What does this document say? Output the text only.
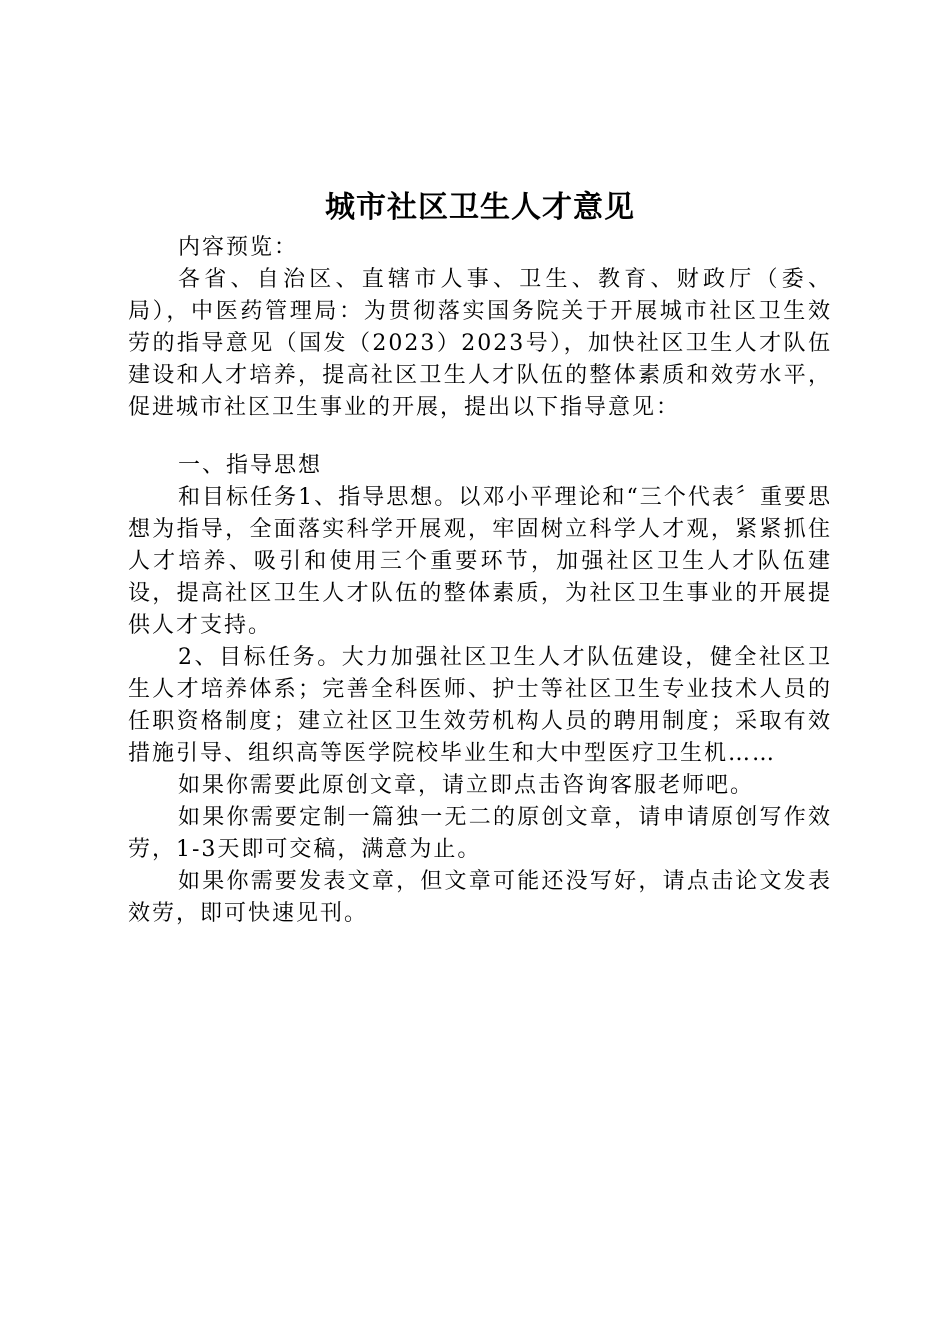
城市社区卫生人才意见

内容预览：

各省、自治区、直辖市人事、卫生、教育、财政厅（委、局），中医药管理局：为贯彻落实国务院关于开展城市社区卫生效劳的指导意见（国发（2023）2023号），加快社区卫生人才队伍建设和人才培养，提高社区卫生人才队伍的整体素质和效劳水平，促进城市社区卫生事业的开展，提出以下指导意见：

一、指导思想

和目标任务1、指导思想。以邓小平理论和“三个代表〞重要思想为指导，全面落实科学开展观，牢固树立科学人才观，紧紧抓住人才培养、吸引和使用三个重要环节，加强社区卫生人才队伍建设，提高社区卫生人才队伍的整体素质，为社区卫生事业的开展提供人才支持。

2、目标任务。大力加强社区卫生人才队伍建设，健全社区卫生人才培养体系；完善全科医师、护士等社区卫生专业技术人员的任职资格制度；建立社区卫生效劳机构人员的聘用制度；采取有效措施引导、组织高等医学院校毕业生和大中型医疗卫生机……

如果你需要此原创文章，请立即点击咨询客服老师吧。

如果你需要定制一篇独一无二的原创文章，请申请原创写作效劳，1-3天即可交稿，满意为止。

如果你需要发表文章，但文章可能还没写好，请点击论文发表效劳，即可快速见刊。
